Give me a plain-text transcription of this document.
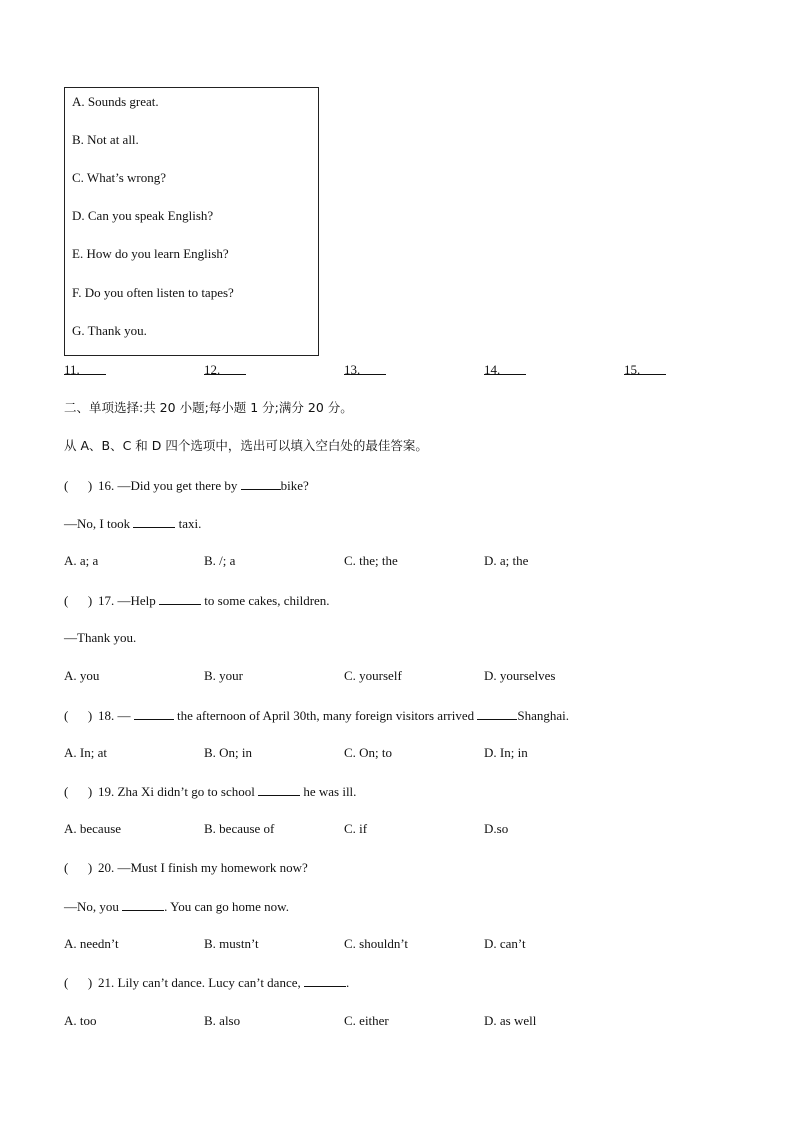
A. Sounds great.
B. Not at all.
C. What’s wrong?
D. Can you speak English?
E. How do you learn English?
F. Do you often listen to tapes?
G. Thank you.
11.	12.	13.	14.	15.
二、单项选择:共 20 小题;每小题 1 分;满分 20 分。
从 A、B、C 和 D 四个选项中，选出可以填入空白处的最佳答案。
( ) 16. —Did you get there by	bike?
—No, I took	taxi.
A. a; a	B. /; a	C. the; the	D. a; the
( ) 17. —Help	to some cakes, children.
—Thank you.
A. you	B. your	C. yourself	D. yourselves
( ) 18. —	the afternoon of April 30th, many foreign visitors arrived	Shanghai.
A. In; at	B. On; in	C. On; to	D. In; in
( ) 19. Zha Xi didn’t go to school	he was ill.
A. because	B. because of	C. if	D.so
( ) 20. —Must I finish my homework now?
—No, you	. You can go home now.
A. needn’t	B. mustn’t	C. shouldn’t	D. can’t
( ) 21. Lily can’t dance. Lucy can’t dance,	.
A. too	B. also	C. either	D. as well
